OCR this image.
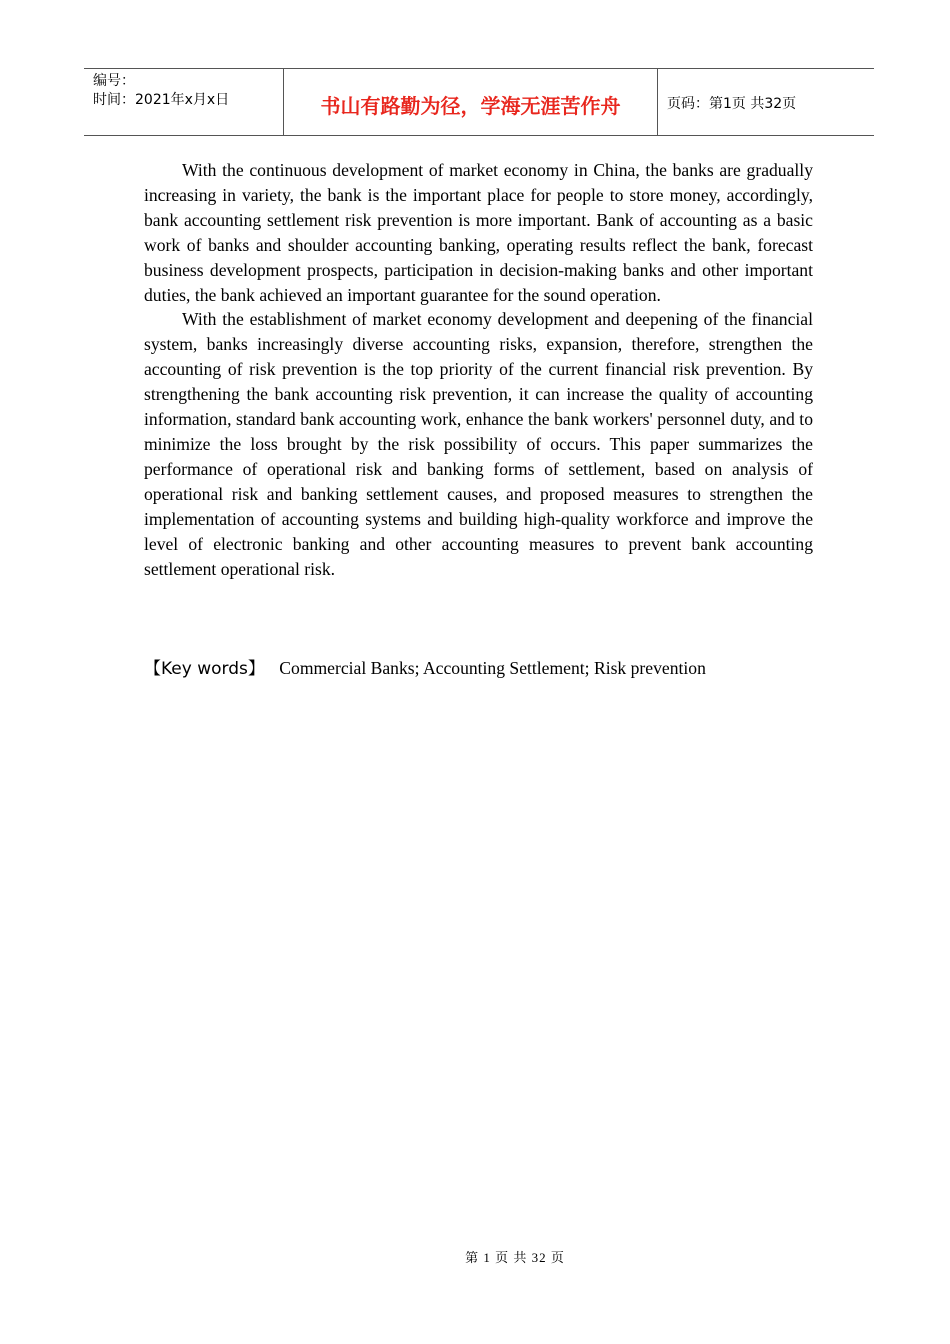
编号：
时间：2021年x月x日	书山有路勤为径，学海无涯苦作舟	页码：第1页 共32页

With the continuous development of market economy in China, the banks are gradually increasing in variety, the bank is the important place for people to store money, accordingly, bank accounting settlement risk prevention is more important. Bank of accounting as a basic work of banks and shoulder accounting banking, operating results reflect the bank, forecast business development prospects, participation in decision-making banks and other important duties, the bank achieved an important guarantee for the sound operation.

With the establishment of market economy development and deepening of the financial system, banks increasingly diverse accounting risks, expansion, therefore, strengthen the accounting of risk prevention is the top priority of the current financial risk prevention. By strengthening the bank accounting risk prevention, it can increase the quality of accounting information, standard bank accounting work, enhance the bank workers' personnel duty, and to minimize the loss brought by the risk possibility of occurs. This paper summarizes the performance of operational risk and banking forms of settlement, based on analysis of operational risk and banking settlement causes, and proposed measures to strengthen the implementation of accounting systems and building high-quality workforce and improve the level of electronic banking and other accounting measures to prevent bank accounting settlement operational risk.

【Key words】 Commercial Banks; Accounting Settlement; Risk prevention
第 1 页 共 32 页
